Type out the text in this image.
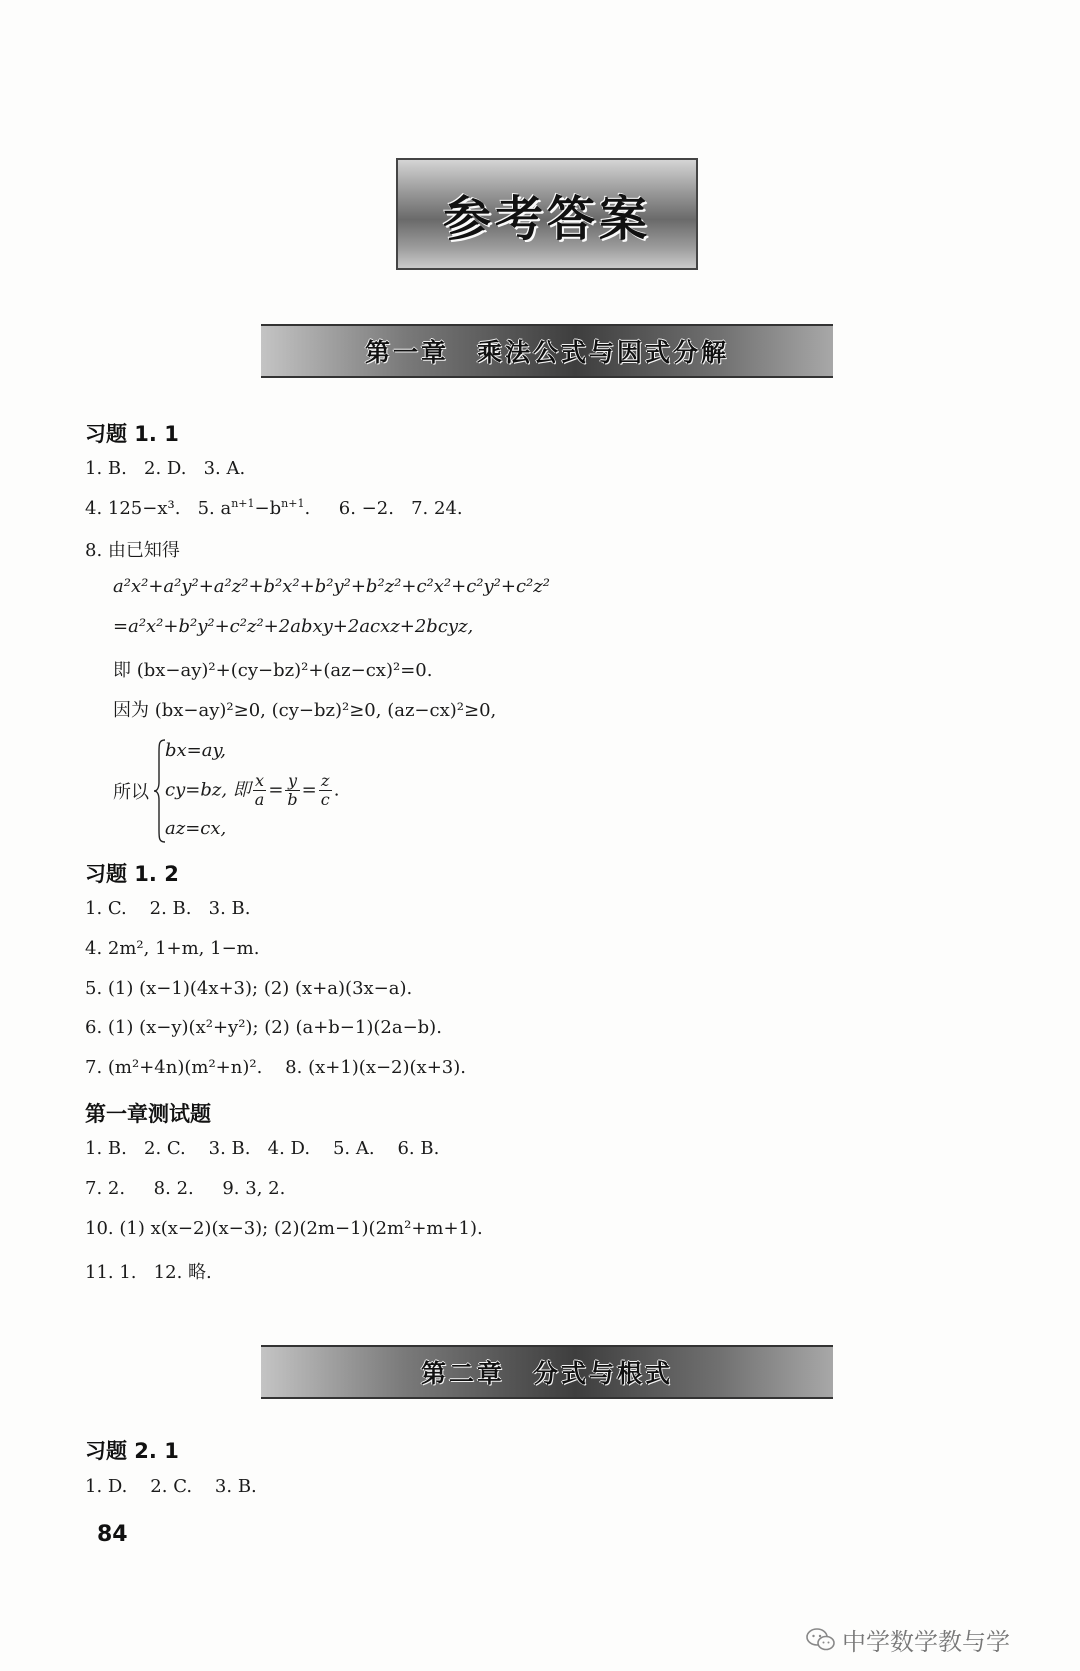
参考答案
第一章　乘法公式与因式分解
习题 1. 1
1. B.   2. D.   3. A.
4. 125−x³.   5. $a^{n+1}-b^{n+1}$.     6. −2.   7. 24.
8. 由已知得
a²x²+a²y²+a²z²+b²x²+b²y²+b²z²+c²x²+c²y²+c²z²
=a²x²+b²y²+c²z²+2abxy+2acxz+2bcyz,
即 (bx−ay)²+(cy−bz)²+(az−cx)²=0.
因为 (bx−ay)²≥0, (cy−bz)²≥0, (az−cx)²≥0,
所以
bx=ay,
cy=bz, 即 $\frac{x}{a} = \frac{y}{b} = \frac{z}{c}$ .
az=cx,
习题 1. 2
1. C.    2. B.   3. B.
4. 2m², 1+m, 1−m.
5. (1) (x−1)(4x+3); (2) (x+a)(3x−a).
6. (1) (x−y)(x²+y²); (2) (a+b−1)(2a−b).
7. (m²+4n)(m²+n)².    8. (x+1)(x−2)(x+3).
第一章测试题
1. B.   2. C.    3. B.   4. D.    5. A.    6. B.
7. 2.     8. 2.     9. 3, 2.
10. (1) x(x−2)(x−3); (2)(2m−1)(2m²+m+1).
11. 1.   12. 略.
第二章　分式与根式
习题 2. 1
1. D.    2. C.    3. B.
84
中学数学教与学
